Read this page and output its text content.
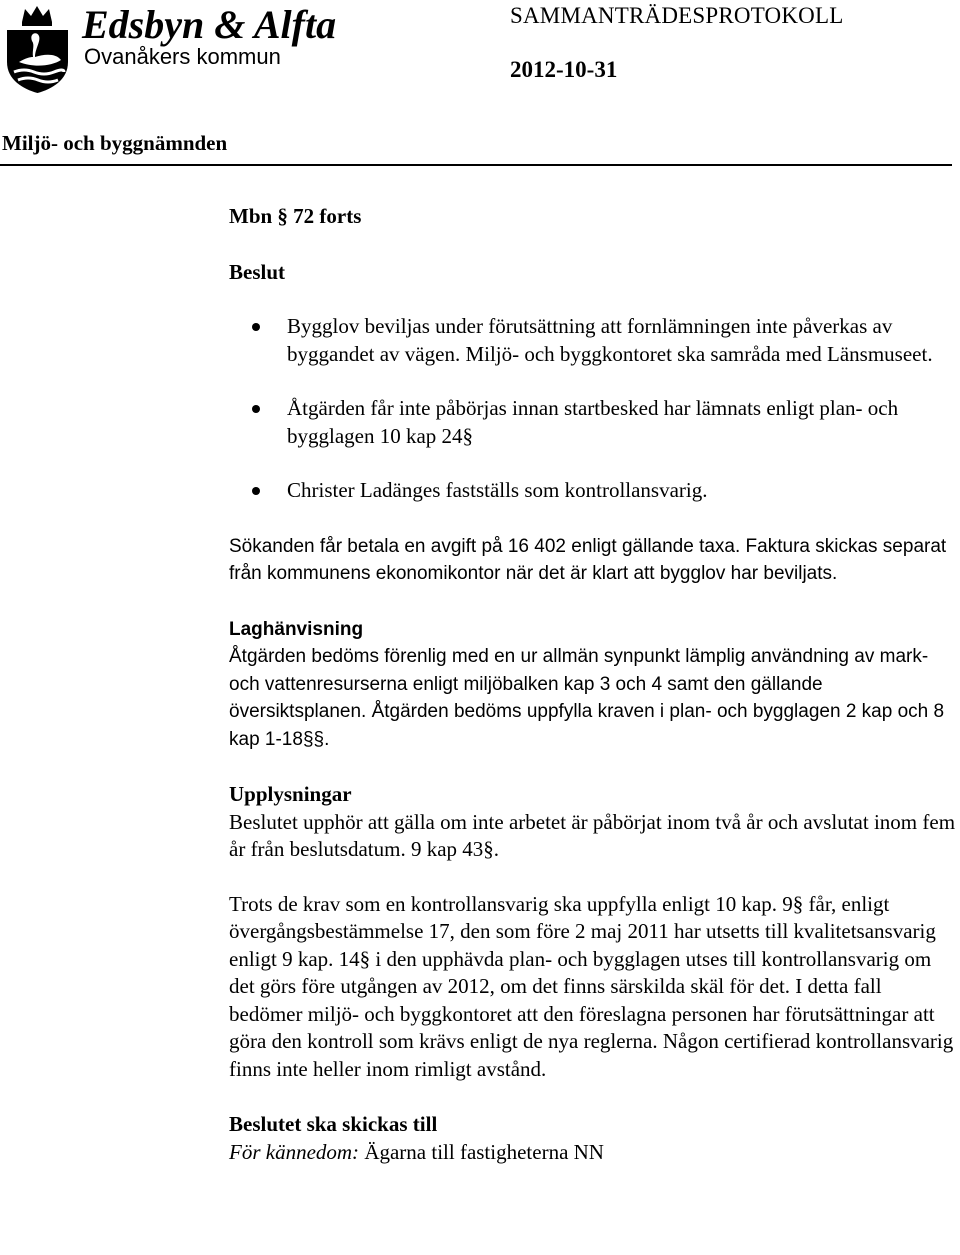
Edsbyn & Alfta
Ovanåkers kommun
SAMMANTRÄDESPROTOKOLL
2012-10-31
Miljö- och byggnämnden

Mbn § 72 forts

Beslut

Bygglov beviljas under förutsättning att fornlämningen inte påverkas av byggandet av vägen. Miljö- och byggkontoret ska samråda med Länsmuseet.
Åtgärden får inte påbörjas innan startbesked har lämnats enligt plan- och bygglagen 10 kap 24§
Christer Ladänges fastställs som kontrollansvarig.

Sökanden får betala en avgift på 16 402 enligt gällande taxa. Faktura skickas separat från kommunens ekonomikontor när det är klart att bygglov har beviljats.

Laghänvisning

Åtgärden bedöms förenlig med en ur allmän synpunkt lämplig användning av mark- och vattenresurserna enligt miljöbalken kap 3 och 4 samt den gällande översiktsplanen. Åtgärden bedöms uppfylla kraven i plan- och bygglagen 2 kap och 8 kap 1-18§§.

Upplysningar

Beslutet upphör att gälla om inte arbetet är påbörjat inom två år och avslutat inom fem år från beslutsdatum. 9 kap 43§.

Trots de krav som en kontrollansvarig ska uppfylla enligt 10 kap. 9§ får, enligt övergångsbestämmelse 17, den som före 2 maj 2011 har utsetts till kvalitetsansvarig enligt 9 kap. 14§ i den upphävda plan- och bygglagen utses till kontrollansvarig om det görs före utgången av 2012, om det finns särskilda skäl för det. I detta fall bedömer miljö- och byggkontoret att den föreslagna personen har förutsättningar att göra den kontroll som krävs enligt de nya reglerna. Någon certifierad kontrollansvarig finns inte heller inom rimligt avstånd.

Beslutet ska skickas till

För kännedom: Ägarna till fastigheterna NN
